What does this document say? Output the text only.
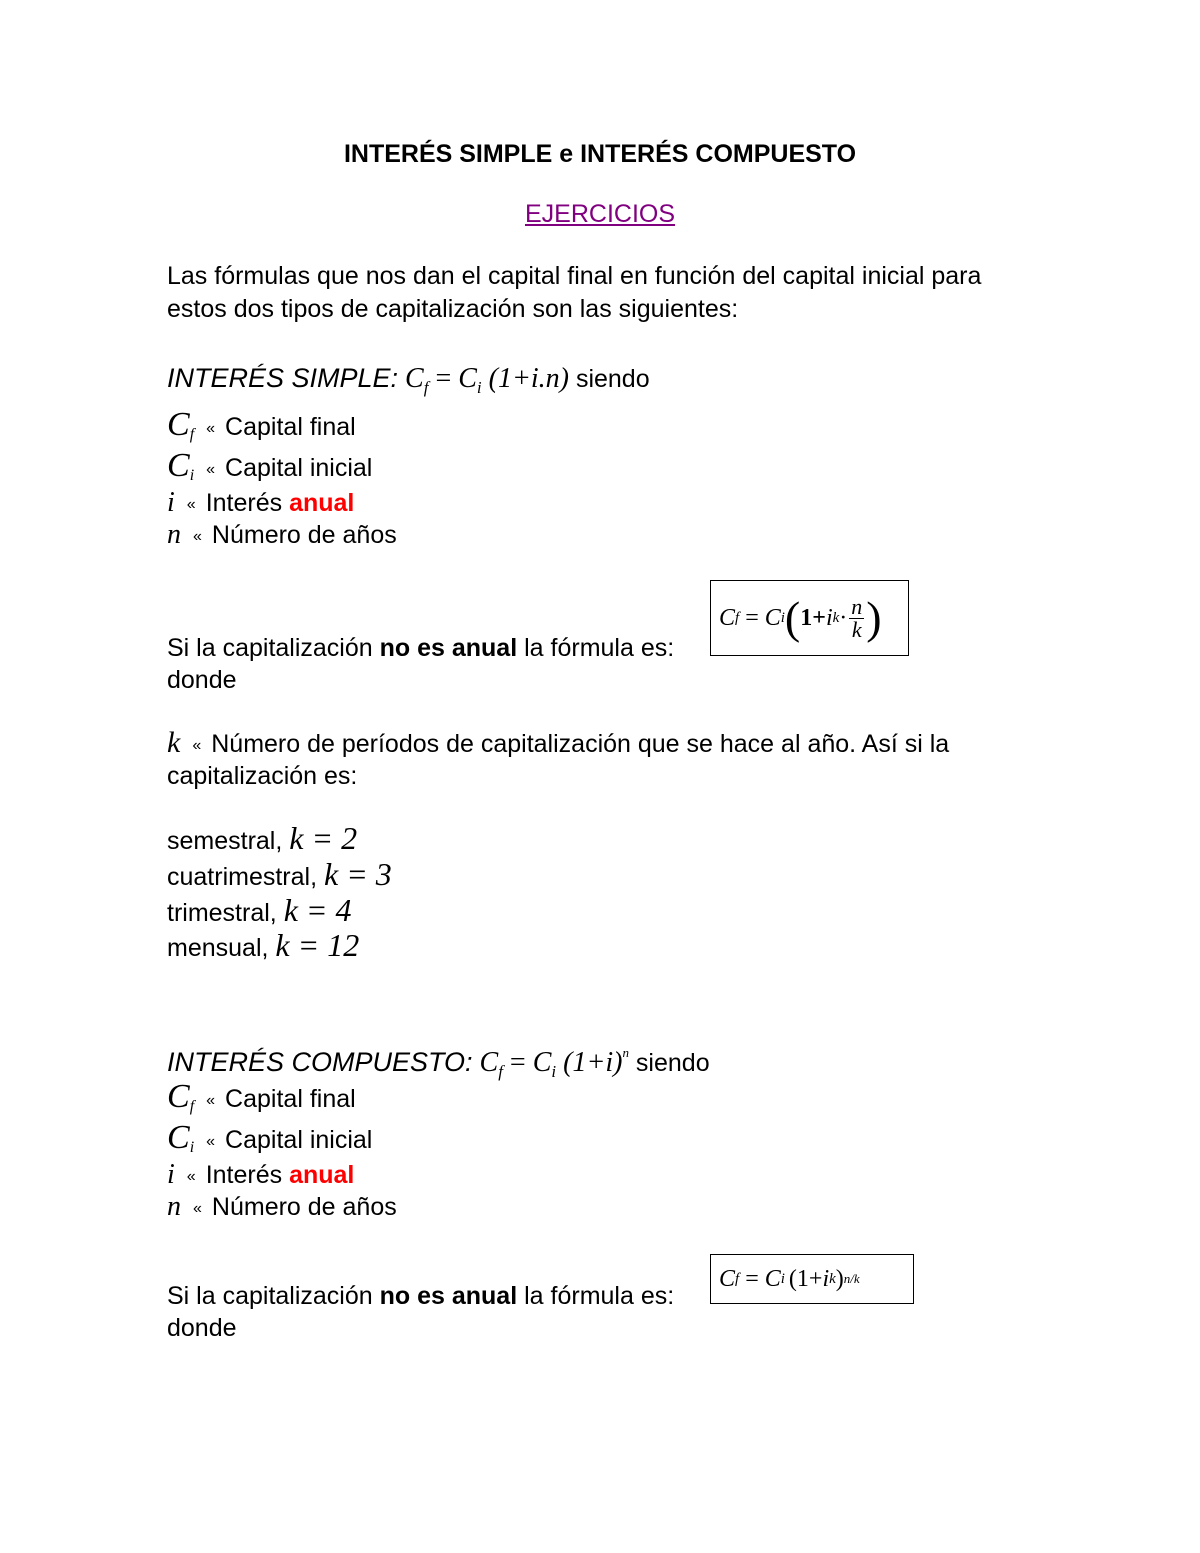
INTERÉS SIMPLE e INTERÉS COMPUESTO
EJERCICIOS
Las fórmulas que nos dan el capital final en función del capital inicial para
estos dos tipos de capitalización son las siguientes:
INTERÉS SIMPLE: $C_f = C_i$ (1+i.n) siendo
$C_f$ « Capital final
$C_i$ « Capital inicial
i « Interés anual
n « Número de años
Si la capitalización no es anual la fórmula es:
C f = C i ( 1+ i $k \cdot \frac{n}{k}$ )
donde
k « Número de períodos de capitalización que se hace al año. Así si la
capitalización es:
semestral, k = 2
cuatrimestral, k = 3
trimestral, k = 4
mensual, k = 12
INTERÉS COMPUESTO: $C_f = C_i$ $(1+i)^n$ siendo
$C_f$ « Capital final
$C_i$ « Capital inicial
i « Interés anual
n « Número de años
Si la capitalización no es anual la fórmula es:
C f = C i (1+ i k ) n/k
donde
